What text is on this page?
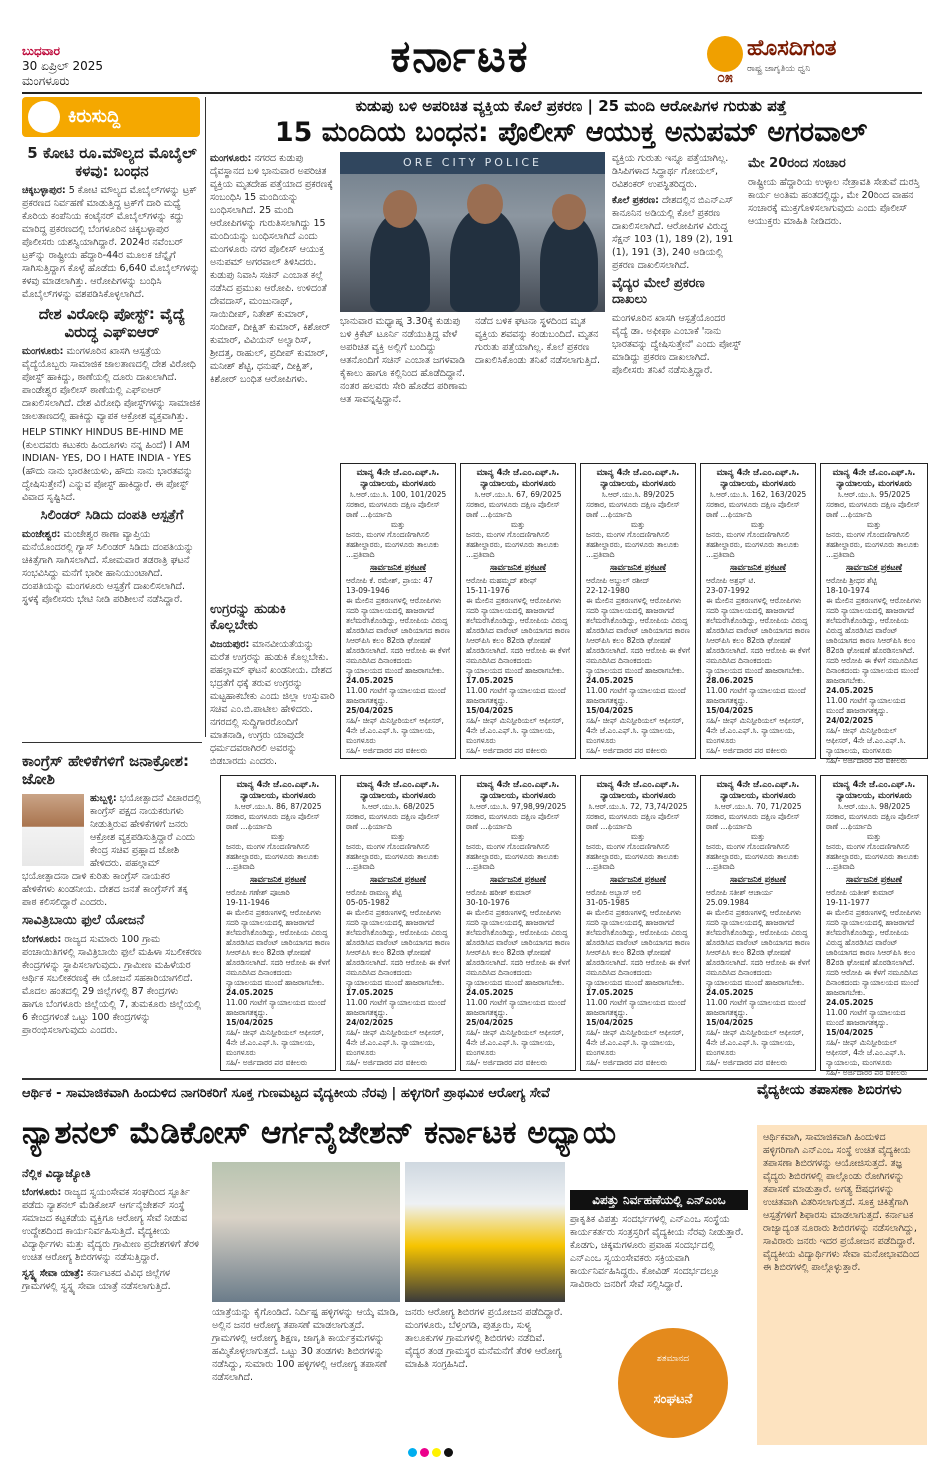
ಬುಧವಾರ
30 ಏಪ್ರಿಲ್ 2025
ಮಂಗಳೂರು	ಕರ್ನಾಟಕ	ಹೊಸದಿಗಂತ
ರಾಷ್ಟ್ರ ಜಾಗೃತಿಯ ಧ್ವನಿ
೦೫
ಕಿರುಸುದ್ದಿ
5 ಕೋಟಿ ರೂ.ಮೌಲ್ಯದ ಮೊಬೈಲ್ ಕಳವು: ಬಂಧನ

ಚಿಕ್ಕಬಳ್ಳಾಪುರ: 5 ಕೋಟಿ ಮೌಲ್ಯದ ಮೊಬೈಲ್‌ಗಳನ್ನು ಟ್ರಕ್ ಪ್ರಕರಣದ ನಿರ್ವಹಣೆ ಮಾಡುತ್ತಿದ್ದ ಟ್ರಕ್‌ಗೆ ದಾರಿ ಮಧ್ಯೆ ಕೊರಿಯ ಕಂಪೆನಿಯ ಕಂಟೈನರ್ ಮೊಬೈಲ್‌ಗಳನ್ನು ಕದ್ದು ಮಾರಿದ್ದ ಪ್ರಕರಣದಲ್ಲಿ ಬೆಂಗಳೂರಿನ ಚಿಕ್ಕಬಳ್ಳಾಪುರ ಪೊಲೀಸರು ಯಶಸ್ವಿಯಾಗಿದ್ದಾರೆ. 2024ರ ನವೆಂಬರ್ ಟ್ರಕ್‌ನ್ನು ರಾಷ್ಟ್ರೀಯ ಹೆದ್ದಾರಿ-44ರ ಮೂಲಕ ಚೆನ್ನೈಗೆ ಸಾಗಿಸುತ್ತಿದ್ದಾಗ ಕೊಳ್ಳೆ ಹೊಡೆದು 6,640 ಮೊಬೈಲ್‌ಗಳನ್ನು ಕಳವು ಮಾಡಲಾಗಿತ್ತು. ಆರೋಪಿಗಳನ್ನು ಬಂಧಿಸಿ ಮೊಬೈಲ್‌ಗಳನ್ನು ವಶಪಡಿಸಿಕೊಳ್ಳಲಾಗಿದೆ.

ದೇಶ ವಿರೋಧಿ ಪೋಸ್ಟ್: ವೈದ್ಯೆ ವಿರುದ್ಧ ಎಫ್‌ಐಆರ್

ಮಂಗಳೂರು: ಮಂಗಳೂರಿನ ಖಾಸಗಿ ಆಸ್ಪತ್ರೆಯ ವೈದ್ಯೆಯೊಬ್ಬರು ಸಾಮಾಜಿಕ ಜಾಲತಾಣದಲ್ಲಿ ದೇಶ ವಿರೋಧಿ ಪೋಸ್ಟ್ ಹಾಕಿದ್ದು, ಠಾಣೆಯಲ್ಲಿ ದೂರು ದಾಖಲಾಗಿದೆ. ಪಾಂಡೇಶ್ವರ ಪೊಲೀಸ್ ಠಾಣೆಯಲ್ಲಿ ಎಫ್‌ಐಆರ್ ದಾಖಲಿಸಲಾಗಿದೆ. ದೇಶ ವಿರೋಧಿ ಪೋಸ್ಟ್‌ಗಳನ್ನು ಸಾಮಾಜಿಕ ಜಾಲತಾಣದಲ್ಲಿ ಹಾಕಿದ್ದು ವ್ಯಾಪಕ ಆಕ್ರೋಶ ವ್ಯಕ್ತವಾಗಿತ್ತು.

HELP STINKY HINDUS BE-HIND ME (ಕುಲದವರು ಕಟುಕರು ಹಿಂದೂಗಳು ನನ್ನ ಹಿಂದೆ) I AM INDIAN- YES, DO I HATE INDIA - YES (ಹೌದು ನಾನು ಭಾರತೀಯಳು, ಹೌದು ನಾನು ಭಾರತವನ್ನು ದ್ವೇಷಿಸುತ್ತೇನೆ) ಎನ್ನುವ ಪೋಸ್ಟ್ ಹಾಕಿದ್ದಾರೆ. ಈ ಪೋಸ್ಟ್ ವಿವಾದ ಸೃಷ್ಟಿಸಿದೆ.

ಸಿಲಿಂಡರ್ ಸಿಡಿದು ದಂಪತಿ ಆಸ್ಪತ್ರೆಗೆ

ಮಂಜೇಶ್ವರ: ಮಂಜೇಶ್ವರ ಠಾಣಾ ವ್ಯಾಪ್ತಿಯ ಮನೆಯೊಂದರಲ್ಲಿ ಗ್ಯಾಸ್ ಸಿಲಿಂಡರ್ ಸಿಡಿದು ದಂಪತಿಯನ್ನು ಚಿಕಿತ್ಸೆಗಾಗಿ ಸಾಗಿಸಲಾಗಿದೆ. ಸೋಮವಾರ ತಡರಾತ್ರಿ ಘಟನೆ ಸಂಭವಿಸಿದ್ದು ಮನೆಗೆ ಭಾರೀ ಹಾನಿಯುಂಟಾಗಿದೆ. ದಂಪತಿಯನ್ನು ಮಂಗಳೂರು ಆಸ್ಪತ್ರೆಗೆ ದಾಖಲಿಸಲಾಗಿದೆ. ಸ್ಥಳಕ್ಕೆ ಪೊಲೀಸರು ಭೇಟಿ ನೀಡಿ ಪರಿಶೀಲನೆ ನಡೆಸಿದ್ದಾರೆ.

ಕುಡುಪು ಬಳಿ ಅಪರಿಚಿತ ವ್ಯಕ್ತಿಯ ಕೊಲೆ ಪ್ರಕರಣ | 25 ಮಂದಿ ಆರೋಪಿಗಳ ಗುರುತು ಪತ್ತೆ
15 ಮಂದಿಯ ಬಂಧನ: ಪೊಲೀಸ್ ಆಯುಕ್ತ ಅನುಪಮ್ ಅಗರವಾಲ್

ಮಂಗಳೂರು: ನಗರದ ಕುಡುಪು ದೈವಸ್ಥಾನದ ಬಳಿ ಭಾನುವಾರ ಅಪರಿಚಿತ ವ್ಯಕ್ತಿಯ ಮೃತದೇಹ ಪತ್ತೆಯಾದ ಪ್ರಕರಣಕ್ಕೆ ಸಂಬಂಧಿಸಿ 15 ಮಂದಿಯನ್ನು ಬಂಧಿಸಲಾಗಿದೆ. 25 ಮಂದಿ ಆರೋಪಿಗಳನ್ನು ಗುರುತಿಸಲಾಗಿದ್ದು 15 ಮಂದಿಯನ್ನು ಬಂಧಿಸಲಾಗಿದೆ ಎಂದು ಮಂಗಳೂರು ನಗರ ಪೊಲೀಸ್ ಆಯುಕ್ತ ಅನುಪಮ್ ಅಗರವಾಲ್ ತಿಳಿಸಿದರು. ಕುಡುಪು ನಿವಾಸಿ ಸಚಿನ್ ಎಂಬಾತ ಕಲ್ಲೆ ನಡೆಸಿದ ಪ್ರಮುಖ ಆರೋಪಿ. ಉಳಿದಂತೆ ದೇವದಾಸ್, ಮಂಜುನಾಥ್, ಸಾಯಿದೀಪ್, ನಿತೇಶ್ ಕುಮಾರ್, ಸಂದೀಪ್, ದೀಕ್ಷಿತ್ ಕುಮಾರ್, ಕಿಶೋರ್ ಕುಮಾರ್, ವಿವಿಯನ್ ಅಲ್ವಾರಿಸ್, ಶ್ರೀದತ್ತ, ರಾಹುಲ್, ಪ್ರದೀಪ್ ಕುಮಾರ್, ಮನೀಶ್ ಶೆಟ್ಟಿ, ಧನುಷ್, ದೀಕ್ಷಿತ್, ಕಿಶೋರ್ ಬಂಧಿತ ಆರೋಪಿಗಳು.

ORE CITY POLICE
ಭಾನುವಾರ ಮಧ್ಯಾಹ್ನ 3.30ಕ್ಕೆ ಕುಡುಪು ಬಳಿ ಕ್ರಿಕೆಟ್ ಟೂರ್ನಿ ನಡೆಯುತ್ತಿದ್ದ ವೇಳೆ ಅಪರಿಚಿತ ವ್ಯಕ್ತಿ ಅಲ್ಲಿಗೆ ಬಂದಿದ್ದು ಆತನೊಂದಿಗೆ ಸಚಿನ್ ಎಂಬಾತ ಜಗಳವಾಡಿ ಕೈಕಾಲು ಹಾಗೂ ಕಲ್ಲಿನಿಂದ ಹೊಡೆದಿದ್ದಾನೆ. ನಂತರ ಹಲವರು ಸೇರಿ ಹೊಡೆದ ಪರಿಣಾಮ ಆತ ಸಾವನ್ನಪ್ಪಿದ್ದಾನೆ.
ನಡೆದ ಬಳಿಕ ಘಟನಾ ಸ್ಥಳದಿಂದ ಮೃತ ವ್ಯಕ್ತಿಯ ಶವವನ್ನು ಕಂಡುಬಂದಿದೆ. ಮೃತನ ಗುರುತು ಪತ್ತೆಯಾಗಿಲ್ಲ. ಕೊಲೆ ಪ್ರಕರಣ ದಾಖಲಿಸಿಕೊಂಡು ತನಿಖೆ ನಡೆಸಲಾಗುತ್ತಿದೆ.

ವ್ಯಕ್ತಿಯ ಗುರುತು ಇನ್ನೂ ಪತ್ತೆಯಾಗಿಲ್ಲ. ಡಿಸಿಪಿಗಳಾದ ಸಿದ್ಧಾರ್ಥ ಗೋಯಲ್, ರವಿಶಂಕರ್ ಉಪಸ್ಥಿತರಿದ್ದರು.

ಕೊಲೆ ಪ್ರಕರಣ: ದೇಶದಲ್ಲಿನ ಬಿಎನ್‌ಎಸ್ ಕಾನೂನಿನ ಅಡಿಯಲ್ಲಿ ಕೊಲೆ ಪ್ರಕರಣ ದಾಖಲಿಸಲಾಗಿದೆ. ಆರೋಪಿಗಳ ವಿರುದ್ಧ ಸೆಕ್ಷನ್ 103 (1), 189 (2), 191 (1), 191 (3), 240 ಅಡಿಯಲ್ಲಿ ಪ್ರಕರಣ ದಾಖಲಿಸಲಾಗಿದೆ.

ವೈದ್ಯರ ಮೇಲೆ ಪ್ರಕರಣ ದಾಖಲು

ಮಂಗಳೂರಿನ ಖಾಸಗಿ ಆಸ್ಪತ್ರೆಯೊಂದರ ವೈದ್ಯೆ ಡಾ. ಅಫೀಫಾ ಎಂಬಾಕೆ 'ನಾನು ಭಾರತವನ್ನು ದ್ವೇಷಿಸುತ್ತೇನೆ' ಎಂದು ಪೋಸ್ಟ್ ಮಾಡಿದ್ದು ಪ್ರಕರಣ ದಾಖಲಾಗಿದೆ. ಪೊಲೀಸರು ತನಿಖೆ ನಡೆಸುತ್ತಿದ್ದಾರೆ.

ಮೇ 20ರಂದ ಸಂಚಾರ

ರಾಷ್ಟ್ರೀಯ ಹೆದ್ದಾರಿಯ ಉಳ್ಳಾಲ ನೇತ್ರಾವತಿ ಸೇತುವೆ ದುರಸ್ತಿ ಕಾರ್ಯ ಅಂತಿಮ ಹಂತದಲ್ಲಿದ್ದು, ಮೇ 20ರಿಂದ ವಾಹನ ಸಂಚಾರಕ್ಕೆ ಮುಕ್ತಗೊಳಿಸಲಾಗುವುದು ಎಂದು ಪೊಲೀಸ್ ಆಯುಕ್ತರು ಮಾಹಿತಿ ನೀಡಿದರು.

ಉಗ್ರರನ್ನು ಹುಡುಕಿ ಕೊಲ್ಲಬೇಕು

ವಿಜಯಪುರ: ಮಾನವೀಯತೆಯನ್ನು ಮರೆತ ಉಗ್ರರನ್ನು ಹುಡುಕಿ ಕೊಲ್ಲಬೇಕು. ಪಹಲ್ಗಾಮ್ ಘಟನೆ ಖಂಡನೀಯ. ದೇಶದ ಭದ್ರತೆಗೆ ಧಕ್ಕೆ ತರುವ ಉಗ್ರರನ್ನು ಮಟ್ಟಹಾಕಬೇಕು ಎಂದು ಜಿಲ್ಲಾ ಉಸ್ತುವಾರಿ ಸಚಿವ ಎಂ.ಬಿ.ಪಾಟೀಲ ಹೇಳಿದರು. ನಗರದಲ್ಲಿ ಸುದ್ದಿಗಾರರೊಂದಿಗೆ ಮಾತನಾಡಿ, ಉಗ್ರರು ಯಾವುದೇ ಧರ್ಮದವರಾಗಿರಲಿ ಅವರನ್ನು ಬಿಡಬಾರದು ಎಂದರು.

ಕಾಂಗ್ರೆಸ್ ಹೇಳಿಕೆಗಳಿಗೆ ಜನಾಕ್ರೋಶ: ಜೋಶಿ

ಹುಬ್ಬಳ್ಳಿ: ಭಯೋತ್ಪಾದನೆ ವಿಚಾರದಲ್ಲಿ ಕಾಂಗ್ರೆಸ್ ಪಕ್ಷದ ನಾಯಕರುಗಳು ನೀಡುತ್ತಿರುವ ಹೇಳಿಕೆಗಳಿಗೆ ಜನರು ಆಕ್ರೋಶ ವ್ಯಕ್ತಪಡಿಸುತ್ತಿದ್ದಾರೆ ಎಂದು ಕೇಂದ್ರ ಸಚಿವ ಪ್ರಹ್ಲಾದ ಜೋಶಿ ಹೇಳಿದರು. ಪಹಲ್ಗಾಮ್ ಭಯೋತ್ಪಾದನಾ ದಾಳಿ ಕುರಿತು ಕಾಂಗ್ರೆಸ್ ನಾಯಕರ ಹೇಳಿಕೆಗಳು ಖಂಡನೀಯ. ದೇಶದ ಜನತೆ ಕಾಂಗ್ರೆಸ್‌ಗೆ ತಕ್ಕ ಪಾಠ ಕಲಿಸಲಿದ್ದಾರೆ ಎಂದರು.

ಸಾವಿತ್ರಿಬಾಯಿ ಫುಲೆ ಯೋಜನೆ

ಬೆಂಗಳೂರು: ರಾಜ್ಯದ ಸುಮಾರು 100 ಗ್ರಾಮ ಪಂಚಾಯಿತಿಗಳಲ್ಲಿ ಸಾವಿತ್ರಿಬಾಯಿ ಫುಲೆ ಮಹಿಳಾ ಸಬಲೀಕರಣ ಕೇಂದ್ರಗಳನ್ನು ಸ್ಥಾಪಿಸಲಾಗುವುದು. ಗ್ರಾಮೀಣ ಮಹಿಳೆಯರ ಆರ್ಥಿಕ ಸಬಲೀಕರಣಕ್ಕೆ ಈ ಯೋಜನೆ ಸಹಕಾರಿಯಾಗಲಿದೆ. ಮೊದಲ ಹಂತದಲ್ಲಿ 29 ಜಿಲ್ಲೆಗಳಲ್ಲಿ 87 ಕೇಂದ್ರಗಳು ಹಾಗೂ ಬೆಂಗಳೂರು ಜಿಲ್ಲೆಯಲ್ಲಿ 7, ತುಮಕೂರು ಜಿಲ್ಲೆಯಲ್ಲಿ 6 ಕೇಂದ್ರಗಳಂತೆ ಒಟ್ಟು 100 ಕೇಂದ್ರಗಳನ್ನು ಪ್ರಾರಂಭಿಸಲಾಗುವುದು ಎಂದರು.

ಮಾನ್ಯ 4ನೇ ಜೆ.ಎಂ.ಎಫ್.ಸಿ. ನ್ಯಾಯಾಲಯ, ಮಂಗಳೂರು
ಸಿ.ಆರ್.ಯು.ಸಿ. 100, 101/2025
ಸರಕಾರ, ಮಂಗಳೂರು ದಕ್ಷಿಣ ಪೊಲೀಸ್ ಠಾಣೆ ...ಫಿರ್ಯಾದಿ
ಮತ್ತು
ಜನರು, ಮಂಗಳ ಗೊಂದಣಿಗಾಗಿಸಲಿ ತಹಶೀಲ್ದಾರರು, ಮಂಗಳೂರು ತಾಲೂಕು ...ಪ್ರತಿವಾದಿ
ಸಾರ್ವಜನಿಕ ಪ್ರಕಟಣೆ
ಆರೋಪಿ ಕೆ. ರಮೇಶ್, ಪ್ರಾಯ: 47
13-09-1946
ಈ ಮೇಲಿನ ಪ್ರಕರಣಗಳಲ್ಲಿ ಆರೋಪಿಗಳು ಸದರಿ ನ್ಯಾಯಾಲಯದಲ್ಲಿ ಹಾಜರಾಗದೆ ತಲೆಮರೆಸಿಕೊಂಡಿದ್ದು, ಆರೋಪಿಯ ವಿರುದ್ಧ ಹೊರಡಿಸಿದ ವಾರೆಂಟ್ ಜಾರಿಯಾಗದ ಕಾರಣ ಸಿಆರ್‌ಪಿಸಿ ಕಲಂ 82ರಡಿ ಘೋಷಣೆ ಹೊರಡಿಸಲಾಗಿದೆ. ಸದರಿ ಆರೋಪಿ ಈ ಕೆಳಗೆ ನಮೂದಿಸಿದ ದಿನಾಂಕದಂದು ನ್ಯಾಯಾಲಯದ ಮುಂದೆ ಹಾಜರಾಗಬೇಕು.
24.05.2025
11.00 ಗಂಟೆಗೆ ನ್ಯಾಯಾಲಯದ ಮುಂದೆ ಹಾಜರಾಗತಕ್ಕದ್ದು.
25/04/2025
ಸಹಿ/- ಚೀಫ್ ಮಿನಿಸ್ಟೀರಿಯಲ್ ಆಫೀಸರ್, 4ನೇ ಜೆ.ಎಂ.ಎಫ್.ಸಿ. ನ್ಯಾಯಾಲಯ, ಮಂಗಳೂರು
ಸಹಿ/- ಅರ್ಜಿದಾರರ ಪರ ವಕೀಲರು
ಮಾನ್ಯ 4ನೇ ಜೆ.ಎಂ.ಎಫ್.ಸಿ. ನ್ಯಾಯಾಲಯ, ಮಂಗಳೂರು
ಸಿ.ಆರ್.ಯು.ಸಿ. 67, 69/2025
ಸರಕಾರ, ಮಂಗಳೂರು ದಕ್ಷಿಣ ಪೊಲೀಸ್ ಠಾಣೆ ...ಫಿರ್ಯಾದಿ
ಮತ್ತು
ಜನರು, ಮಂಗಳ ಗೊಂದಣಿಗಾಗಿಸಲಿ ತಹಶೀಲ್ದಾರರು, ಮಂಗಳೂರು ತಾಲೂಕು ...ಪ್ರತಿವಾದಿ
ಸಾರ್ವಜನಿಕ ಪ್ರಕಟಣೆ
ಆರೋಪಿ ಮಹಮ್ಮದ್ ಶರೀಫ್
15-11-1976
ಈ ಮೇಲಿನ ಪ್ರಕರಣಗಳಲ್ಲಿ ಆರೋಪಿಗಳು ಸದರಿ ನ್ಯಾಯಾಲಯದಲ್ಲಿ ಹಾಜರಾಗದೆ ತಲೆಮರೆಸಿಕೊಂಡಿದ್ದು, ಆರೋಪಿಯ ವಿರುದ್ಧ ಹೊರಡಿಸಿದ ವಾರೆಂಟ್ ಜಾರಿಯಾಗದ ಕಾರಣ ಸಿಆರ್‌ಪಿಸಿ ಕಲಂ 82ರಡಿ ಘೋಷಣೆ ಹೊರಡಿಸಲಾಗಿದೆ. ಸದರಿ ಆರೋಪಿ ಈ ಕೆಳಗೆ ನಮೂದಿಸಿದ ದಿನಾಂಕದಂದು ನ್ಯಾಯಾಲಯದ ಮುಂದೆ ಹಾಜರಾಗಬೇಕು.
17.05.2025
11.00 ಗಂಟೆಗೆ ನ್ಯಾಯಾಲಯದ ಮುಂದೆ ಹಾಜರಾಗತಕ್ಕದ್ದು.
15/04/2025
ಸಹಿ/- ಚೀಫ್ ಮಿನಿಸ್ಟೀರಿಯಲ್ ಆಫೀಸರ್, 4ನೇ ಜೆ.ಎಂ.ಎಫ್.ಸಿ. ನ್ಯಾಯಾಲಯ, ಮಂಗಳೂರು
ಸಹಿ/- ಅರ್ಜಿದಾರರ ಪರ ವಕೀಲರು
ಮಾನ್ಯ 4ನೇ ಜೆ.ಎಂ.ಎಫ್.ಸಿ. ನ್ಯಾಯಾಲಯ, ಮಂಗಳೂರು
ಸಿ.ಆರ್.ಯು.ಸಿ. 89/2025
ಸರಕಾರ, ಮಂಗಳೂರು ದಕ್ಷಿಣ ಪೊಲೀಸ್ ಠಾಣೆ ...ಫಿರ್ಯಾದಿ
ಮತ್ತು
ಜನರು, ಮಂಗಳ ಗೊಂದಣಿಗಾಗಿಸಲಿ ತಹಶೀಲ್ದಾರರು, ಮಂಗಳೂರು ತಾಲೂಕು ...ಪ್ರತಿವಾದಿ
ಸಾರ್ವಜನಿಕ ಪ್ರಕಟಣೆ
ಆರೋಪಿ ಅಬ್ದುಲ್ ರಶೀದ್
22-12-1980
ಈ ಮೇಲಿನ ಪ್ರಕರಣಗಳಲ್ಲಿ ಆರೋಪಿಗಳು ಸದರಿ ನ್ಯಾಯಾಲಯದಲ್ಲಿ ಹಾಜರಾಗದೆ ತಲೆಮರೆಸಿಕೊಂಡಿದ್ದು, ಆರೋಪಿಯ ವಿರುದ್ಧ ಹೊರಡಿಸಿದ ವಾರೆಂಟ್ ಜಾರಿಯಾಗದ ಕಾರಣ ಸಿಆರ್‌ಪಿಸಿ ಕಲಂ 82ರಡಿ ಘೋಷಣೆ ಹೊರಡಿಸಲಾಗಿದೆ. ಸದರಿ ಆರೋಪಿ ಈ ಕೆಳಗೆ ನಮೂದಿಸಿದ ದಿನಾಂಕದಂದು ನ್ಯಾಯಾಲಯದ ಮುಂದೆ ಹಾಜರಾಗಬೇಕು.
24.05.2025
11.00 ಗಂಟೆಗೆ ನ್ಯಾಯಾಲಯದ ಮುಂದೆ ಹಾಜರಾಗತಕ್ಕದ್ದು.
15/04/2025
ಸಹಿ/- ಚೀಫ್ ಮಿನಿಸ್ಟೀರಿಯಲ್ ಆಫೀಸರ್, 4ನೇ ಜೆ.ಎಂ.ಎಫ್.ಸಿ. ನ್ಯಾಯಾಲಯ, ಮಂಗಳೂರು
ಸಹಿ/- ಅರ್ಜಿದಾರರ ಪರ ವಕೀಲರು
ಮಾನ್ಯ 4ನೇ ಜೆ.ಎಂ.ಎಫ್.ಸಿ. ನ್ಯಾಯಾಲಯ, ಮಂಗಳೂರು
ಸಿ.ಆರ್.ಯು.ಸಿ. 162, 163/2025
ಸರಕಾರ, ಮಂಗಳೂರು ದಕ್ಷಿಣ ಪೊಲೀಸ್ ಠಾಣೆ ...ಫಿರ್ಯಾದಿ
ಮತ್ತು
ಜನರು, ಮಂಗಳ ಗೊಂದಣಿಗಾಗಿಸಲಿ ತಹಶೀಲ್ದಾರರು, ಮಂಗಳೂರು ತಾಲೂಕು ...ಪ್ರತಿವಾದಿ
ಸಾರ್ವಜನಿಕ ಪ್ರಕಟಣೆ
ಆರೋಪಿ ಅಶ್ರಫ್ ಟಿ.
23-07-1992
ಈ ಮೇಲಿನ ಪ್ರಕರಣಗಳಲ್ಲಿ ಆರೋಪಿಗಳು ಸದರಿ ನ್ಯಾಯಾಲಯದಲ್ಲಿ ಹಾಜರಾಗದೆ ತಲೆಮರೆಸಿಕೊಂಡಿದ್ದು, ಆರೋಪಿಯ ವಿರುದ್ಧ ಹೊರಡಿಸಿದ ವಾರೆಂಟ್ ಜಾರಿಯಾಗದ ಕಾರಣ ಸಿಆರ್‌ಪಿಸಿ ಕಲಂ 82ರಡಿ ಘೋಷಣೆ ಹೊರಡಿಸಲಾಗಿದೆ. ಸದರಿ ಆರೋಪಿ ಈ ಕೆಳಗೆ ನಮೂದಿಸಿದ ದಿನಾಂಕದಂದು ನ್ಯಾಯಾಲಯದ ಮುಂದೆ ಹಾಜರಾಗಬೇಕು.
28.06.2025
11.00 ಗಂಟೆಗೆ ನ್ಯಾಯಾಲಯದ ಮುಂದೆ ಹಾಜರಾಗತಕ್ಕದ್ದು.
15/04/2025
ಸಹಿ/- ಚೀಫ್ ಮಿನಿಸ್ಟೀರಿಯಲ್ ಆಫೀಸರ್, 4ನೇ ಜೆ.ಎಂ.ಎಫ್.ಸಿ. ನ್ಯಾಯಾಲಯ, ಮಂಗಳೂರು
ಸಹಿ/- ಅರ್ಜಿದಾರರ ಪರ ವಕೀಲರು
ಮಾನ್ಯ 4ನೇ ಜೆ.ಎಂ.ಎಫ್.ಸಿ. ನ್ಯಾಯಾಲಯ, ಮಂಗಳೂರು
ಸಿ.ಆರ್.ಯು.ಸಿ. 95/2025
ಸರಕಾರ, ಮಂಗಳೂರು ದಕ್ಷಿಣ ಪೊಲೀಸ್ ಠಾಣೆ ...ಫಿರ್ಯಾದಿ
ಮತ್ತು
ಜನರು, ಮಂಗಳ ಗೊಂದಣಿಗಾಗಿಸಲಿ ತಹಶೀಲ್ದಾರರು, ಮಂಗಳೂರು ತಾಲೂಕು ...ಪ್ರತಿವಾದಿ
ಸಾರ್ವಜನಿಕ ಪ್ರಕಟಣೆ
ಆರೋಪಿ ಶ್ರೀಧರ ಶೆಟ್ಟಿ
18-10-1974
ಈ ಮೇಲಿನ ಪ್ರಕರಣಗಳಲ್ಲಿ ಆರೋಪಿಗಳು ಸದರಿ ನ್ಯಾಯಾಲಯದಲ್ಲಿ ಹಾಜರಾಗದೆ ತಲೆಮರೆಸಿಕೊಂಡಿದ್ದು, ಆರೋಪಿಯ ವಿರುದ್ಧ ಹೊರಡಿಸಿದ ವಾರೆಂಟ್ ಜಾರಿಯಾಗದ ಕಾರಣ ಸಿಆರ್‌ಪಿಸಿ ಕಲಂ 82ರಡಿ ಘೋಷಣೆ ಹೊರಡಿಸಲಾಗಿದೆ. ಸದರಿ ಆರೋಪಿ ಈ ಕೆಳಗೆ ನಮೂದಿಸಿದ ದಿನಾಂಕದಂದು ನ್ಯಾಯಾಲಯದ ಮುಂದೆ ಹಾಜರಾಗಬೇಕು.
24.05.2025
11.00 ಗಂಟೆಗೆ ನ್ಯಾಯಾಲಯದ ಮುಂದೆ ಹಾಜರಾಗತಕ್ಕದ್ದು.
24/02/2025
ಸಹಿ/- ಚೀಫ್ ಮಿನಿಸ್ಟೀರಿಯಲ್ ಆಫೀಸರ್, 4ನೇ ಜೆ.ಎಂ.ಎಫ್.ಸಿ. ನ್ಯಾಯಾಲಯ, ಮಂಗಳೂರು
ಸಹಿ/- ಅರ್ಜಿದಾರರ ಪರ ವಕೀಲರು
ಮಾನ್ಯ 4ನೇ ಜೆ.ಎಂ.ಎಫ್.ಸಿ. ನ್ಯಾಯಾಲಯ, ಮಂಗಳೂರು
ಸಿ.ಆರ್.ಯು.ಸಿ. 86, 87/2025
ಸರಕಾರ, ಮಂಗಳೂರು ದಕ್ಷಿಣ ಪೊಲೀಸ್ ಠಾಣೆ ...ಫಿರ್ಯಾದಿ
ಮತ್ತು
ಜನರು, ಮಂಗಳ ಗೊಂದಣಿಗಾಗಿಸಲಿ ತಹಶೀಲ್ದಾರರು, ಮಂಗಳೂರು ತಾಲೂಕು ...ಪ್ರತಿವಾದಿ
ಸಾರ್ವಜನಿಕ ಪ್ರಕಟಣೆ
ಆರೋಪಿ ಗಣೇಶ್ ಪೂಜಾರಿ
19-11-1946
ಈ ಮೇಲಿನ ಪ್ರಕರಣಗಳಲ್ಲಿ ಆರೋಪಿಗಳು ಸದರಿ ನ್ಯಾಯಾಲಯದಲ್ಲಿ ಹಾಜರಾಗದೆ ತಲೆಮರೆಸಿಕೊಂಡಿದ್ದು, ಆರೋಪಿಯ ವಿರುದ್ಧ ಹೊರಡಿಸಿದ ವಾರೆಂಟ್ ಜಾರಿಯಾಗದ ಕಾರಣ ಸಿಆರ್‌ಪಿಸಿ ಕಲಂ 82ರಡಿ ಘೋಷಣೆ ಹೊರಡಿಸಲಾಗಿದೆ. ಸದರಿ ಆರೋಪಿ ಈ ಕೆಳಗೆ ನಮೂದಿಸಿದ ದಿನಾಂಕದಂದು ನ್ಯಾಯಾಲಯದ ಮುಂದೆ ಹಾಜರಾಗಬೇಕು.
24.05.2025
11.00 ಗಂಟೆಗೆ ನ್ಯಾಯಾಲಯದ ಮುಂದೆ ಹಾಜರಾಗತಕ್ಕದ್ದು.
15/04/2025
ಸಹಿ/- ಚೀಫ್ ಮಿನಿಸ್ಟೀರಿಯಲ್ ಆಫೀಸರ್, 4ನೇ ಜೆ.ಎಂ.ಎಫ್.ಸಿ. ನ್ಯಾಯಾಲಯ, ಮಂಗಳೂರು
ಸಹಿ/- ಅರ್ಜಿದಾರರ ಪರ ವಕೀಲರು
ಮಾನ್ಯ 4ನೇ ಜೆ.ಎಂ.ಎಫ್.ಸಿ. ನ್ಯಾಯಾಲಯ, ಮಂಗಳೂರು
ಸಿ.ಆರ್.ಯು.ಸಿ. 68/2025
ಸರಕಾರ, ಮಂಗಳೂರು ದಕ್ಷಿಣ ಪೊಲೀಸ್ ಠಾಣೆ ...ಫಿರ್ಯಾದಿ
ಮತ್ತು
ಜನರು, ಮಂಗಳ ಗೊಂದಣಿಗಾಗಿಸಲಿ ತಹಶೀಲ್ದಾರರು, ಮಂಗಳೂರು ತಾಲೂಕು ...ಪ್ರತಿವಾದಿ
ಸಾರ್ವಜನಿಕ ಪ್ರಕಟಣೆ
ಆರೋಪಿ ರಾಮಣ್ಣ ಶೆಟ್ಟಿ
05-05-1982
ಈ ಮೇಲಿನ ಪ್ರಕರಣಗಳಲ್ಲಿ ಆರೋಪಿಗಳು ಸದರಿ ನ್ಯಾಯಾಲಯದಲ್ಲಿ ಹಾಜರಾಗದೆ ತಲೆಮರೆಸಿಕೊಂಡಿದ್ದು, ಆರೋಪಿಯ ವಿರುದ್ಧ ಹೊರಡಿಸಿದ ವಾರೆಂಟ್ ಜಾರಿಯಾಗದ ಕಾರಣ ಸಿಆರ್‌ಪಿಸಿ ಕಲಂ 82ರಡಿ ಘೋಷಣೆ ಹೊರಡಿಸಲಾಗಿದೆ. ಸದರಿ ಆರೋಪಿ ಈ ಕೆಳಗೆ ನಮೂದಿಸಿದ ದಿನಾಂಕದಂದು ನ್ಯಾಯಾಲಯದ ಮುಂದೆ ಹಾಜರಾಗಬೇಕು.
17.05.2025
11.00 ಗಂಟೆಗೆ ನ್ಯಾಯಾಲಯದ ಮುಂದೆ ಹಾಜರಾಗತಕ್ಕದ್ದು.
24/02/2025
ಸಹಿ/- ಚೀಫ್ ಮಿನಿಸ್ಟೀರಿಯಲ್ ಆಫೀಸರ್, 4ನೇ ಜೆ.ಎಂ.ಎಫ್.ಸಿ. ನ್ಯಾಯಾಲಯ, ಮಂಗಳೂರು
ಸಹಿ/- ಅರ್ಜಿದಾರರ ಪರ ವಕೀಲರು
ಮಾನ್ಯ 4ನೇ ಜೆ.ಎಂ.ಎಫ್.ಸಿ. ನ್ಯಾಯಾಲಯ, ಮಂಗಳೂರು
ಸಿ.ಆರ್.ಯು.ಸಿ. 97,98,99/2025
ಸರಕಾರ, ಮಂಗಳೂರು ದಕ್ಷಿಣ ಪೊಲೀಸ್ ಠಾಣೆ ...ಫಿರ್ಯಾದಿ
ಮತ್ತು
ಜನರು, ಮಂಗಳ ಗೊಂದಣಿಗಾಗಿಸಲಿ ತಹಶೀಲ್ದಾರರು, ಮಂಗಳೂರು ತಾಲೂಕು ...ಪ್ರತಿವಾದಿ
ಸಾರ್ವಜನಿಕ ಪ್ರಕಟಣೆ
ಆರೋಪಿ ಹರೀಶ್ ಕುಮಾರ್
30-10-1976
ಈ ಮೇಲಿನ ಪ್ರಕರಣಗಳಲ್ಲಿ ಆರೋಪಿಗಳು ಸದರಿ ನ್ಯಾಯಾಲಯದಲ್ಲಿ ಹಾಜರಾಗದೆ ತಲೆಮರೆಸಿಕೊಂಡಿದ್ದು, ಆರೋಪಿಯ ವಿರುದ್ಧ ಹೊರಡಿಸಿದ ವಾರೆಂಟ್ ಜಾರಿಯಾಗದ ಕಾರಣ ಸಿಆರ್‌ಪಿಸಿ ಕಲಂ 82ರಡಿ ಘೋಷಣೆ ಹೊರಡಿಸಲಾಗಿದೆ. ಸದರಿ ಆರೋಪಿ ಈ ಕೆಳಗೆ ನಮೂದಿಸಿದ ದಿನಾಂಕದಂದು ನ್ಯಾಯಾಲಯದ ಮುಂದೆ ಹಾಜರಾಗಬೇಕು.
24.05.2025
11.00 ಗಂಟೆಗೆ ನ್ಯಾಯಾಲಯದ ಮುಂದೆ ಹಾಜರಾಗತಕ್ಕದ್ದು.
25/04/2025
ಸಹಿ/- ಚೀಫ್ ಮಿನಿಸ್ಟೀರಿಯಲ್ ಆಫೀಸರ್, 4ನೇ ಜೆ.ಎಂ.ಎಫ್.ಸಿ. ನ್ಯಾಯಾಲಯ, ಮಂಗಳೂರು
ಸಹಿ/- ಅರ್ಜಿದಾರರ ಪರ ವಕೀಲರು
ಮಾನ್ಯ 4ನೇ ಜೆ.ಎಂ.ಎಫ್.ಸಿ. ನ್ಯಾಯಾಲಯ, ಮಂಗಳೂರು
ಸಿ.ಆರ್.ಯು.ಸಿ. 72, 73,74/2025
ಸರಕಾರ, ಮಂಗಳೂರು ದಕ್ಷಿಣ ಪೊಲೀಸ್ ಠಾಣೆ ...ಫಿರ್ಯಾದಿ
ಮತ್ತು
ಜನರು, ಮಂಗಳ ಗೊಂದಣಿಗಾಗಿಸಲಿ ತಹಶೀಲ್ದಾರರು, ಮಂಗಳೂರು ತಾಲೂಕು ...ಪ್ರತಿವಾದಿ
ಸಾರ್ವಜನಿಕ ಪ್ರಕಟಣೆ
ಆರೋಪಿ ಅಬ್ಬಾಸ್ ಅಲಿ
31-05-1985
ಈ ಮೇಲಿನ ಪ್ರಕರಣಗಳಲ್ಲಿ ಆರೋಪಿಗಳು ಸದರಿ ನ್ಯಾಯಾಲಯದಲ್ಲಿ ಹಾಜರಾಗದೆ ತಲೆಮರೆಸಿಕೊಂಡಿದ್ದು, ಆರೋಪಿಯ ವಿರುದ್ಧ ಹೊರಡಿಸಿದ ವಾರೆಂಟ್ ಜಾರಿಯಾಗದ ಕಾರಣ ಸಿಆರ್‌ಪಿಸಿ ಕಲಂ 82ರಡಿ ಘೋಷಣೆ ಹೊರಡಿಸಲಾಗಿದೆ. ಸದರಿ ಆರೋಪಿ ಈ ಕೆಳಗೆ ನಮೂದಿಸಿದ ದಿನಾಂಕದಂದು ನ್ಯಾಯಾಲಯದ ಮುಂದೆ ಹಾಜರಾಗಬೇಕು.
17.05.2025
11.00 ಗಂಟೆಗೆ ನ್ಯಾಯಾಲಯದ ಮುಂದೆ ಹಾಜರಾಗತಕ್ಕದ್ದು.
15/04/2025
ಸಹಿ/- ಚೀಫ್ ಮಿನಿಸ್ಟೀರಿಯಲ್ ಆಫೀಸರ್, 4ನೇ ಜೆ.ಎಂ.ಎಫ್.ಸಿ. ನ್ಯಾಯಾಲಯ, ಮಂಗಳೂರು
ಸಹಿ/- ಅರ್ಜಿದಾರರ ಪರ ವಕೀಲರು
ಮಾನ್ಯ 4ನೇ ಜೆ.ಎಂ.ಎಫ್.ಸಿ. ನ್ಯಾಯಾಲಯ, ಮಂಗಳೂರು
ಸಿ.ಆರ್.ಯು.ಸಿ. 70, 71/2025
ಸರಕಾರ, ಮಂಗಳೂರು ದಕ್ಷಿಣ ಪೊಲೀಸ್ ಠಾಣೆ ...ಫಿರ್ಯಾದಿ
ಮತ್ತು
ಜನರು, ಮಂಗಳ ಗೊಂದಣಿಗಾಗಿಸಲಿ ತಹಶೀಲ್ದಾರರು, ಮಂಗಳೂರು ತಾಲೂಕು ...ಪ್ರತಿವಾದಿ
ಸಾರ್ವಜನಿಕ ಪ್ರಕಟಣೆ
ಆರೋಪಿ ಸತೀಶ್ ಆಚಾರ್ಯ
25.09.1984
ಈ ಮೇಲಿನ ಪ್ರಕರಣಗಳಲ್ಲಿ ಆರೋಪಿಗಳು ಸದರಿ ನ್ಯಾಯಾಲಯದಲ್ಲಿ ಹಾಜರಾಗದೆ ತಲೆಮರೆಸಿಕೊಂಡಿದ್ದು, ಆರೋಪಿಯ ವಿರುದ್ಧ ಹೊರಡಿಸಿದ ವಾರೆಂಟ್ ಜಾರಿಯಾಗದ ಕಾರಣ ಸಿಆರ್‌ಪಿಸಿ ಕಲಂ 82ರಡಿ ಘೋಷಣೆ ಹೊರಡಿಸಲಾಗಿದೆ. ಸದರಿ ಆರೋಪಿ ಈ ಕೆಳಗೆ ನಮೂದಿಸಿದ ದಿನಾಂಕದಂದು ನ್ಯಾಯಾಲಯದ ಮುಂದೆ ಹಾಜರಾಗಬೇಕು.
24.05.2025
11.00 ಗಂಟೆಗೆ ನ್ಯಾಯಾಲಯದ ಮುಂದೆ ಹಾಜರಾಗತಕ್ಕದ್ದು.
15/04/2025
ಸಹಿ/- ಚೀಫ್ ಮಿನಿಸ್ಟೀರಿಯಲ್ ಆಫೀಸರ್, 4ನೇ ಜೆ.ಎಂ.ಎಫ್.ಸಿ. ನ್ಯಾಯಾಲಯ, ಮಂಗಳೂರು
ಸಹಿ/- ಅರ್ಜಿದಾರರ ಪರ ವಕೀಲರು
ಮಾನ್ಯ 4ನೇ ಜೆ.ಎಂ.ಎಫ್.ಸಿ. ನ್ಯಾಯಾಲಯ, ಮಂಗಳೂರು
ಸಿ.ಆರ್.ಯು.ಸಿ. 98/2025
ಸರಕಾರ, ಮಂಗಳೂರು ದಕ್ಷಿಣ ಪೊಲೀಸ್ ಠಾಣೆ ...ಫಿರ್ಯಾದಿ
ಮತ್ತು
ಜನರು, ಮಂಗಳ ಗೊಂದಣಿಗಾಗಿಸಲಿ ತಹಶೀಲ್ದಾರರು, ಮಂಗಳೂರು ತಾಲೂಕು ...ಪ್ರತಿವಾದಿ
ಸಾರ್ವಜನಿಕ ಪ್ರಕಟಣೆ
ಆರೋಪಿ ಯತೀಶ್ ಕುಮಾರ್
19-11-1977
ಈ ಮೇಲಿನ ಪ್ರಕರಣಗಳಲ್ಲಿ ಆರೋಪಿಗಳು ಸದರಿ ನ್ಯಾಯಾಲಯದಲ್ಲಿ ಹಾಜರಾಗದೆ ತಲೆಮರೆಸಿಕೊಂಡಿದ್ದು, ಆರೋಪಿಯ ವಿರುದ್ಧ ಹೊರಡಿಸಿದ ವಾರೆಂಟ್ ಜಾರಿಯಾಗದ ಕಾರಣ ಸಿಆರ್‌ಪಿಸಿ ಕಲಂ 82ರಡಿ ಘೋಷಣೆ ಹೊರಡಿಸಲಾಗಿದೆ. ಸದರಿ ಆರೋಪಿ ಈ ಕೆಳಗೆ ನಮೂದಿಸಿದ ದಿನಾಂಕದಂದು ನ್ಯಾಯಾಲಯದ ಮುಂದೆ ಹಾಜರಾಗಬೇಕು.
24.05.2025
11.00 ಗಂಟೆಗೆ ನ್ಯಾಯಾಲಯದ ಮುಂದೆ ಹಾಜರಾಗತಕ್ಕದ್ದು.
15/04/2025
ಸಹಿ/- ಚೀಫ್ ಮಿನಿಸ್ಟೀರಿಯಲ್ ಆಫೀಸರ್, 4ನೇ ಜೆ.ಎಂ.ಎಫ್.ಸಿ. ನ್ಯಾಯಾಲಯ, ಮಂಗಳೂರು
ಸಹಿ/- ಅರ್ಜಿದಾರರ ಪರ ವಕೀಲರು
ಆರ್ಥಿಕ - ಸಾಮಾಜಿಕವಾಗಿ ಹಿಂದುಳಿದ ನಾಗರಿಕರಿಗೆ ಸೂಕ್ತ ಗುಣಮಟ್ಟದ ವೈದ್ಯಕೀಯ ನೆರವು | ಹಳ್ಳಿಗರಿಗೆ ಪ್ರಾಥಮಿಕ ಆರೋಗ್ಯ ಸೇವೆ
ನ್ಯಾಶನಲ್ ಮೆಡಿಕೋಸ್ ಆರ್ಗನೈಜೇಶನ್ ಕರ್ನಾಟಕ ಅಧ್ಯಾಯ
ವೈದ್ಯಕೀಯ ತಪಾಸಣಾ ಶಿಬಿರಗಳು
ನೆಲ್ಲಿಕ ವಿದ್ಯಾಜ್ಯೋತಿ

ಬೆಂಗಳೂರು: ರಾಜ್ಯದ ಸ್ವಯಂಸೇವಕ ಸಂಘದಿಂದ ಸ್ಫೂರ್ತಿ ಪಡೆದು ನ್ಯಾಶನಲ್ ಮೆಡಿಕೋಸ್ ಆರ್ಗನೈಜೇಶನ್ ಸಂಸ್ಥೆ ಸಮಾಜದ ಕಟ್ಟಕಡೆಯ ವ್ಯಕ್ತಿಗೂ ಆರೋಗ್ಯ ಸೇವೆ ನೀಡುವ ಉದ್ದೇಶದಿಂದ ಕಾರ್ಯನಿರ್ವಹಿಸುತ್ತಿದೆ. ವೈದ್ಯಕೀಯ ವಿದ್ಯಾರ್ಥಿಗಳು ಮತ್ತು ವೈದ್ಯರು ಗ್ರಾಮೀಣ ಪ್ರದೇಶಗಳಿಗೆ ತೆರಳಿ ಉಚಿತ ಆರೋಗ್ಯ ಶಿಬಿರಗಳನ್ನು ನಡೆಸುತ್ತಿದ್ದಾರೆ.

ಸ್ವಸ್ಥ್ಯ ಸೇವಾ ಯಾತ್ರೆ: ಕರ್ನಾಟಕದ ವಿವಿಧ ಜಿಲ್ಲೆಗಳ ಗ್ರಾಮಗಳಲ್ಲಿ ಸ್ವಸ್ಥ್ಯ ಸೇವಾ ಯಾತ್ರೆ ನಡೆಸಲಾಗುತ್ತಿದೆ.

ಯಾತ್ರೆಯನ್ನು ಕೈಗೊಂಡಿದೆ. ನಿರ್ದಿಷ್ಟ ಹಳ್ಳಿಗಳನ್ನು ಆಯ್ಕೆ ಮಾಡಿ, ಅಲ್ಲಿನ ಜನರ ಆರೋಗ್ಯ ತಪಾಸಣೆ ಮಾಡಲಾಗುತ್ತದೆ. ಗ್ರಾಮಗಳಲ್ಲಿ ಆರೋಗ್ಯ ಶಿಕ್ಷಣ, ಜಾಗೃತಿ ಕಾರ್ಯಕ್ರಮಗಳನ್ನು ಹಮ್ಮಿಕೊಳ್ಳಲಾಗುತ್ತದೆ. ಒಟ್ಟು 30 ತಂಡಗಳು ಶಿಬಿರಗಳನ್ನು ನಡೆಸಿದ್ದು, ಸುಮಾರು 100 ಹಳ್ಳಿಗಳಲ್ಲಿ ಆರೋಗ್ಯ ತಪಾಸಣೆ ನಡೆಸಲಾಗಿದೆ.
ಜನರು ಆರೋಗ್ಯ ಶಿಬಿರಗಳ ಪ್ರಯೋಜನ ಪಡೆದಿದ್ದಾರೆ. ಮಂಗಳೂರು, ಬೆಳ್ತಂಗಡಿ, ಪುತ್ತೂರು, ಸುಳ್ಯ ತಾಲೂಕುಗಳ ಗ್ರಾಮಗಳಲ್ಲಿ ಶಿಬಿರಗಳು ನಡೆದಿವೆ. ವೈದ್ಯರ ತಂಡ ಗ್ರಾಮಸ್ಥರ ಮನೆಮನೆಗೆ ತೆರಳಿ ಆರೋಗ್ಯ ಮಾಹಿತಿ ಸಂಗ್ರಹಿಸಿದೆ.
ವಿಪತ್ತು ನಿರ್ವಹಣೆಯಲ್ಲಿ ಎನ್‌ಎಂಒ
ಪ್ರಾಕೃತಿಕ ವಿಪತ್ತು ಸಂದರ್ಭಗಳಲ್ಲಿ ಎನ್‌ಎಂಒ ಸಂಸ್ಥೆಯ ಕಾರ್ಯಕರ್ತರು ಸಂತ್ರಸ್ತರಿಗೆ ವೈದ್ಯಕೀಯ ನೆರವು ನೀಡುತ್ತಾರೆ. ಕೊಡಗು, ಚಿಕ್ಕಮಗಳೂರು ಪ್ರವಾಹ ಸಂದರ್ಭದಲ್ಲಿ ಎನ್‌ಎಂಒ ಸ್ವಯಂಸೇವಕರು ಸಕ್ರಿಯವಾಗಿ ಕಾರ್ಯನಿರ್ವಹಿಸಿದ್ದರು. ಕೋವಿಡ್ ಸಂದರ್ಭದಲ್ಲೂ ಸಾವಿರಾರು ಜನರಿಗೆ ಸೇವೆ ಸಲ್ಲಿಸಿದ್ದಾರೆ.
ಶತಮಾನದ
ಸಂಘಟನೆ
ಆರ್ಥಿಕವಾಗಿ, ಸಾಮಾಜಿಕವಾಗಿ ಹಿಂದುಳಿದ ಹಳ್ಳಿಗರಿಗಾಗಿ ಎನ್‌ಎಂಒ ಸಂಸ್ಥೆ ಉಚಿತ ವೈದ್ಯಕೀಯ ತಪಾಸಣಾ ಶಿಬಿರಗಳನ್ನು ಆಯೋಜಿಸುತ್ತದೆ. ತಜ್ಞ ವೈದ್ಯರು ಶಿಬಿರಗಳಲ್ಲಿ ಪಾಲ್ಗೊಂಡು ರೋಗಿಗಳನ್ನು ತಪಾಸಣೆ ಮಾಡುತ್ತಾರೆ. ಅಗತ್ಯ ಔಷಧಗಳನ್ನು ಉಚಿತವಾಗಿ ವಿತರಿಸಲಾಗುತ್ತದೆ. ಸೂಕ್ತ ಚಿಕಿತ್ಸೆಗಾಗಿ ಆಸ್ಪತ್ರೆಗಳಿಗೆ ಶಿಫಾರಸು ಮಾಡಲಾಗುತ್ತದೆ. ಕರ್ನಾಟಕ ರಾಜ್ಯಾದ್ಯಂತ ನೂರಾರು ಶಿಬಿರಗಳನ್ನು ನಡೆಸಲಾಗಿದ್ದು, ಸಾವಿರಾರು ಜನರು ಇದರ ಪ್ರಯೋಜನ ಪಡೆದಿದ್ದಾರೆ. ವೈದ್ಯಕೀಯ ವಿದ್ಯಾರ್ಥಿಗಳು ಸೇವಾ ಮನೋಭಾವದಿಂದ ಈ ಶಿಬಿರಗಳಲ್ಲಿ ಪಾಲ್ಗೊಳ್ಳುತ್ತಾರೆ.
